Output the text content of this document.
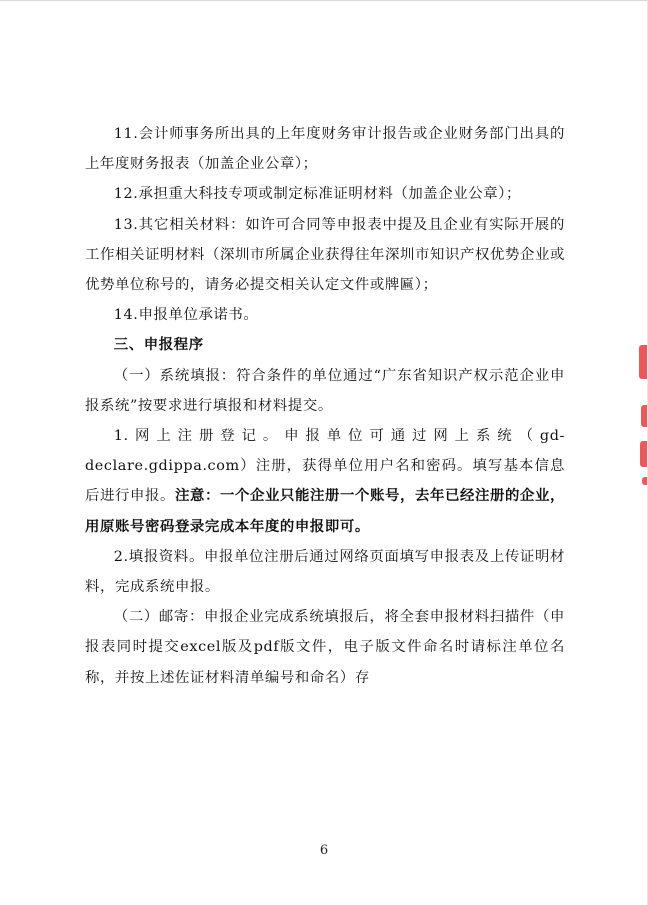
11.会计师事务所出具的上年度财务审计报告或企业财务部门出具的上年度财务报表（加盖企业公章）；

12.承担重大科技专项或制定标准证明材料（加盖企业公章）；

13.其它相关材料：如许可合同等申报表中提及且企业有实际开展的工作相关证明材料（深圳市所属企业获得往年深圳市知识产权优势企业或优势单位称号的，请务必提交相关认定文件或牌匾）；

14.申报单位承诺书。

三、申报程序

（一）系统填报：符合条件的单位通过“广东省知识产权示范企业申报系统”按要求进行填报和材料提交。

1.网上注册登记。申报单位可通过网上系统（gd-declare.gdippa.com）注册，获得单位用户名和密码。填写基本信息后进行申报。注意：一个企业只能注册一个账号，去年已经注册的企业，用原账号密码登录完成本年度的申报即可。

2.填报资料。申报单位注册后通过网络页面填写申报表及上传证明材料，完成系统申报。

（二）邮寄：申报企业完成系统填报后，将全套申报材料扫描件（申报表同时提交excel版及pdf版文件，电子版文件命名时请标注单位名称，并按上述佐证材料清单编号和命名）存

6
